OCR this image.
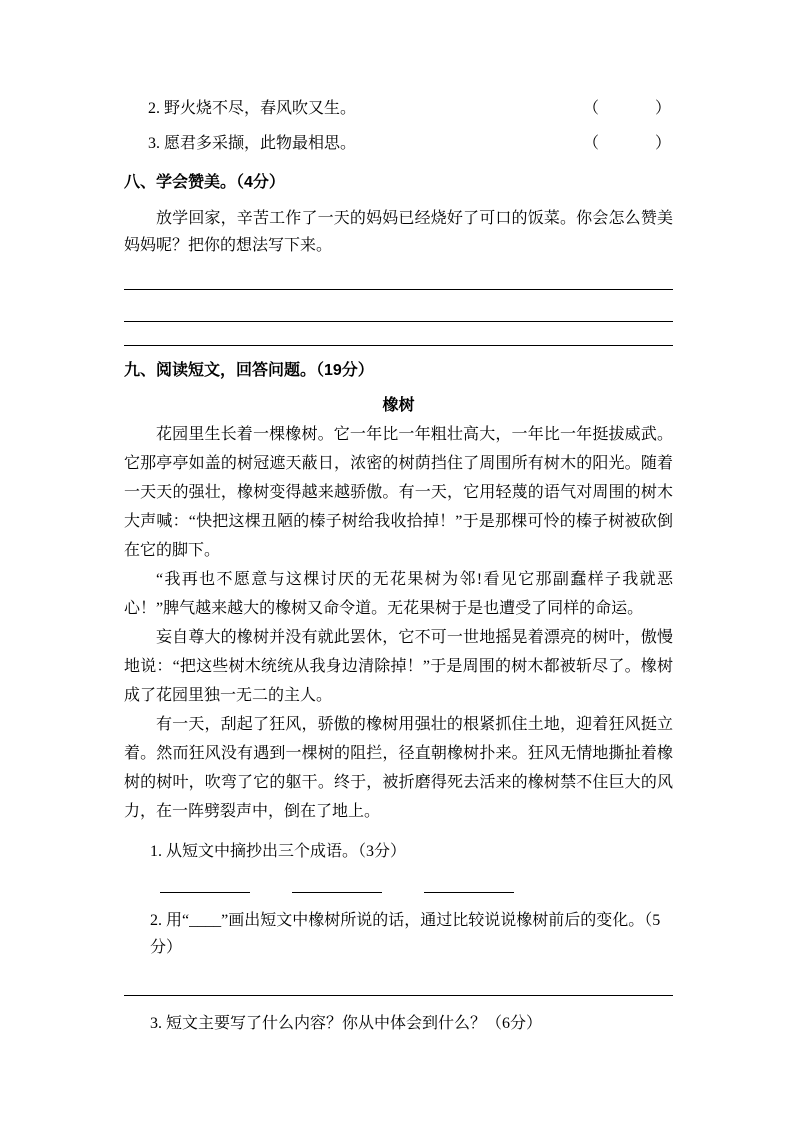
2. 野火烧不尽，春风吹又生。	（　　　）
3. 愿君多采撷，此物最相思。	（　　　）
八、学会赞美。（4分）

放学回家，辛苦工作了一天的妈妈已经烧好了可口的饭菜。你会怎么赞美妈妈呢？把你的想法写下来。

九、阅读短文，回答问题。（19分）
橡树

花园里生长着一棵橡树。它一年比一年粗壮高大，一年比一年挺拔威武。它那亭亭如盖的树冠遮天蔽日，浓密的树荫挡住了周围所有树木的阳光。随着一天天的强壮，橡树变得越来越骄傲。有一天，它用轻蔑的语气对周围的树木大声喊：“快把这棵丑陋的榛子树给我收拾掉！”于是那棵可怜的榛子树被砍倒在它的脚下。

“我再也不愿意与这棵讨厌的无花果树为邻!看见它那副蠢样子我就恶心！”脾气越来越大的橡树又命令道。无花果树于是也遭受了同样的命运。

妄自尊大的橡树并没有就此罢休，它不可一世地摇晃着漂亮的树叶，傲慢地说：“把这些树木统统从我身边清除掉！”于是周围的树木都被斩尽了。橡树成了花园里独一无二的主人。

有一天，刮起了狂风，骄傲的橡树用强壮的根紧抓住土地，迎着狂风挺立着。然而狂风没有遇到一棵树的阻拦，径直朝橡树扑来。狂风无情地撕扯着橡树的树叶，吹弯了它的躯干。终于，被折磨得死去活来的橡树禁不住巨大的风力，在一阵劈裂声中，倒在了地上。

1. 从短文中摘抄出三个成语。（3分）
2. 用“____”画出短文中橡树所说的话，通过比较说说橡树前后的变化。（5分）
3. 短文主要写了什么内容？你从中体会到什么？（6分）
